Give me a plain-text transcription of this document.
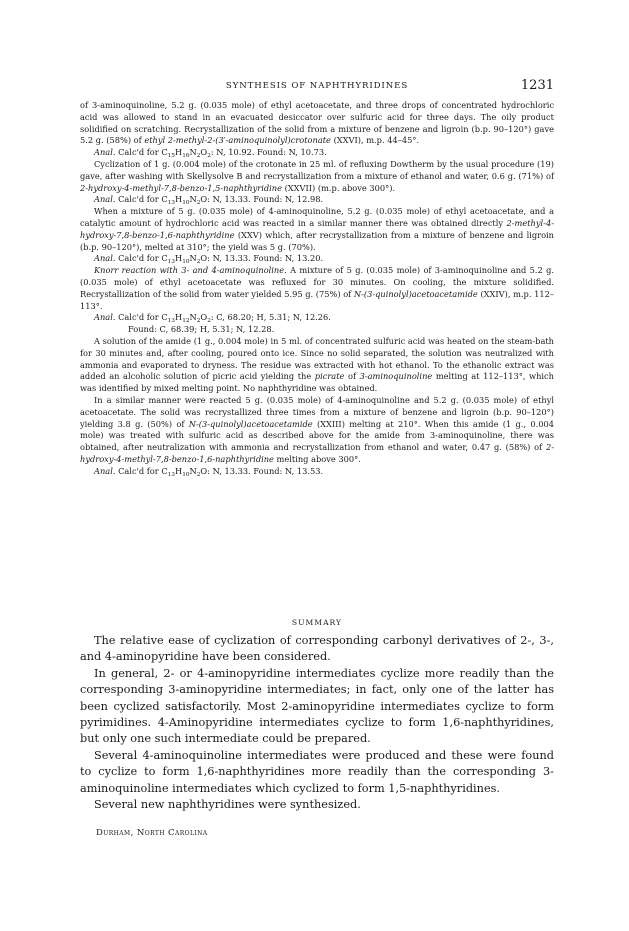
SYNTHESIS OF NAPHTHYRIDINES	1231

of 3-aminoquinoline, 5.2 g. (0.035 mole) of ethyl acetoacetate, and three drops of concentrated hydrochloric acid was allowed to stand in an evacuated desiccator over sulfuric acid for three days. The oily product solidified on scratching. Recrystallization of the solid from a mixture of benzene and ligroin (b.p. 90–120°) gave 5.2 g. (58%) of ethyl 2-methyl-2-(3′-aminoquinolyl)crotonate (XXVI), m.p. 44–45°.

Anal. Calc'd for $C_{15}H_{16}N_2O_2$: N, 10.92. Found: N, 10.73.

Cyclization of 1 g. (0.004 mole) of the crotonate in 25 ml. of refluxing Dowtherm by the usual procedure (19) gave, after washing with Skellysolve B and recrystallization from a mixture of ethanol and water, 0.6 g. (71%) of 2-hydroxy-4-methyl-7,8-benzo-1,5-naphthyridine (XXVII) (m.p. above 300°).

Anal. Calc'd for $C_{13}H_{10}N_2O$: N, 13.33. Found: N, 12.98.

When a mixture of 5 g. (0.035 mole) of 4-aminoquinoline, 5.2 g. (0.035 mole) of ethyl acetoacetate, and a catalytic amount of hydrochloric acid was reacted in a similar manner there was obtained directly 2-methyl-4-hydroxy-7,8-benzo-1,6-naphthyridine (XXV) which, after recrystallization from a mixture of benzene and ligroin (b.p. 90–120°), melted at 310°; the yield was 5 g. (70%).

Anal. Calc'd for $C_{13}H_{10}N_2O$: N, 13.33. Found: N, 13.20.

Knorr reaction with 3- and 4-aminoquinoline. A mixture of 5 g. (0.035 mole) of 3-aminoquinoline and 5.2 g. (0.035 mole) of ethyl acetoacetate was refluxed for 30 minutes. On cooling, the mixture solidified. Recrystallization of the solid from water yielded 5.95 g. (75%) of N-(3-quinolyl)acetoacetamide (XXIV), m.p. 112–113°.

Anal. Calc'd for $C_{13}H_{12}N_2O_2$: C, 68.20; H, 5.31; N, 12.26.

Found: C, 68.39; H, 5.31; N, 12.28.

A solution of the amide (1 g., 0.004 mole) in 5 ml. of concentrated sulfuric acid was heated on the steam-bath for 30 minutes and, after cooling, poured onto ice. Since no solid separated, the solution was neutralized with ammonia and evaporated to dryness. The residue was extracted with hot ethanol. To the ethanolic extract was added an alcoholic solution of picric acid yielding the picrate of 3-aminoquinoline melting at 112–113°, which was identified by mixed melting point. No naphthyridine was obtained.

In a similar manner were reacted 5 g. (0.035 mole) of 4-aminoquinoline and 5.2 g. (0.035 mole) of ethyl acetoacetate. The solid was recrystallized three times from a mixture of benzene and ligroin (b.p. 90–120°) yielding 3.8 g. (50%) of N-(3-quinolyl)acetoacetamide (XXIII) melting at 210°. When this amide (1 g., 0.004 mole) was treated with sulfuric acid as described above for the amide from 3-aminoquinoline, there was obtained, after neutralization with ammonia and recrystallization from ethanol and water, 0.47 g. (58%) of 2-hydroxy-4-methyl-7,8-benzo-1,6-naphthyridine melting above 300°.

Anal. Calc'd for $C_{13}H_{10}N_2O$: N, 13.33. Found: N, 13.53.

SUMMARY

The relative ease of cyclization of corresponding carbonyl derivatives of 2-, 3-, and 4-aminopyridine have been considered.

In general, 2- or 4-aminopyridine intermediates cyclize more readily than the corresponding 3-aminopyridine intermediates; in fact, only one of the latter has been cyclized satisfactorily. Most 2-aminopyridine intermediates cyclize to form pyrimidines. 4-Aminopyridine intermediates cyclize to form 1,6-naphthyridines, but only one such intermediate could be prepared.

Several 4-aminoquinoline intermediates were produced and these were found to cyclize to form 1,6-naphthyridines more readily than the corresponding 3-aminoquinoline intermediates which cyclized to form 1,5-naphthyridines.

Several new naphthyridines were synthesized.

Durham, North Carolina
